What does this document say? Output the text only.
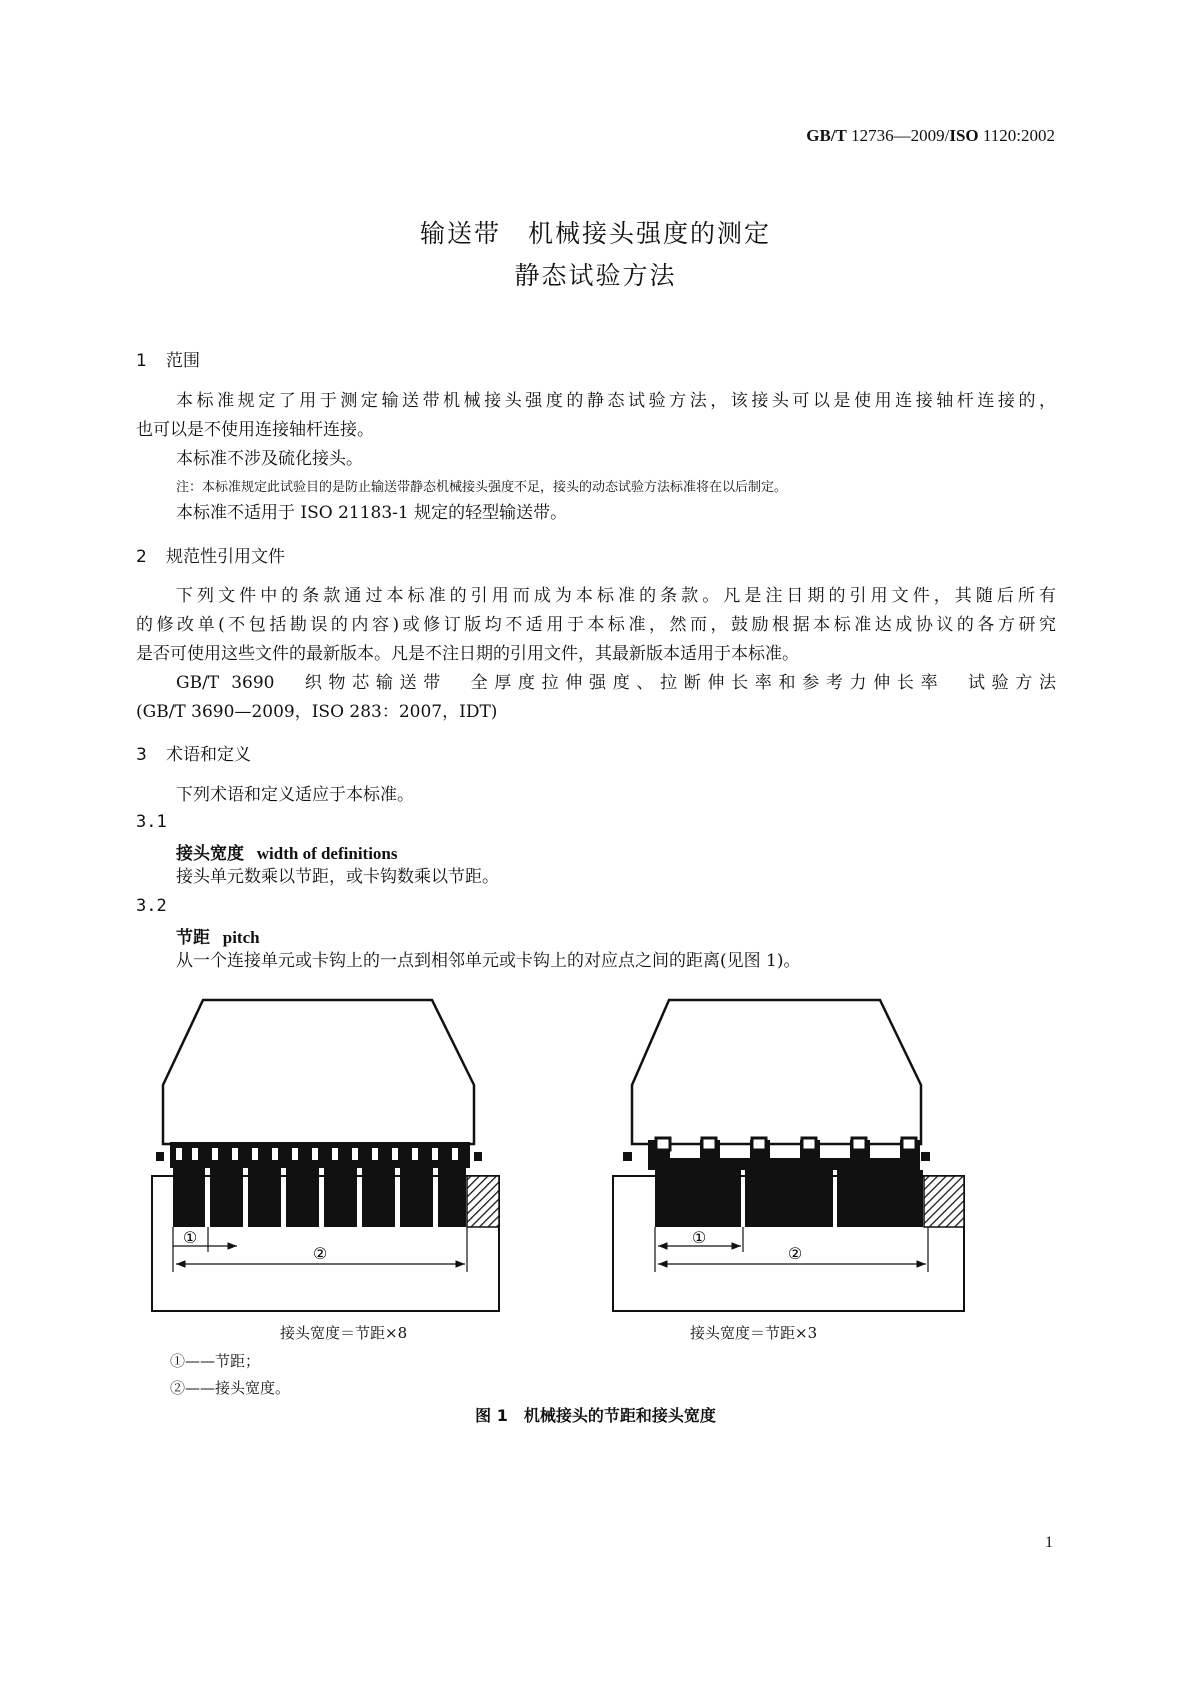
GB/T 12736—2009/ISO 1120:2002
输送带　机械接头强度的测定
静态试验方法
1 范围
本标准规定了用于测定输送带机械接头强度的静态试验方法，该接头可以是使用连接轴杆连接的，
也可以是不使用连接轴杆连接。
本标准不涉及硫化接头。
注：本标准规定此试验目的是防止输送带静态机械接头强度不足，接头的动态试验方法标准将在以后制定。
本标准不适用于 ISO 21183-1 规定的轻型输送带。
2 规范性引用文件
下列文件中的条款通过本标准的引用而成为本标准的条款。凡是注日期的引用文件，其随后所有
的修改单(不包括勘误的内容)或修订版均不适用于本标准，然而，鼓励根据本标准达成协议的各方研究
是否可使用这些文件的最新版本。凡是不注日期的引用文件，其最新版本适用于本标准。
GB/T 3690　织物芯输送带　全厚度拉伸强度、拉断伸长率和参考力伸长率　试验方法
(GB/T 3690—2009，ISO 283：2007，IDT)
3 术语和定义
下列术语和定义适应于本标准。
3.1
接头宽度 width of definitions
接头单元数乘以节距，或卡钩数乘以节距。
3.2
节距 pitch
从一个连接单元或卡钩上的一点到相邻单元或卡钩上的对应点之间的距离(见图 1)。
①
②
①
②
接头宽度＝节距×8	接头宽度＝节距×3
①——节距；
②——接头宽度。
图 1　机械接头的节距和接头宽度
1
